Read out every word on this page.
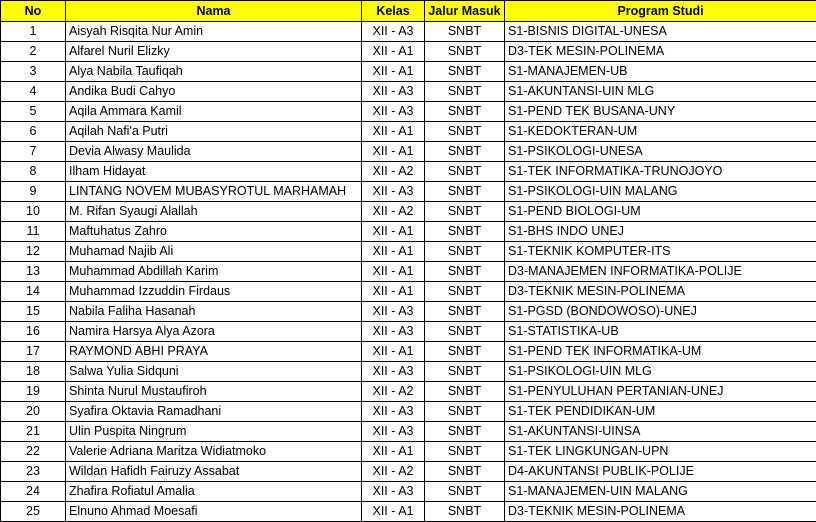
No	Nama	Kelas	Jalur Masuk	Program Studi
1	Aisyah Risqita Nur Amin	XII - A3	SNBT	S1-BISNIS DIGITAL-UNESA
2	Alfarel Nuril Elizky	XII - A1	SNBT	D3-TEK MESIN-POLINEMA
3	Alya Nabila Taufiqah	XII - A1	SNBT	S1-MANAJEMEN-UB
4	Andika Budi Cahyo	XII - A3	SNBT	S1-AKUNTANSI-UIN MLG
5	Aqila Ammara Kamil	XII - A3	SNBT	S1-PEND TEK BUSANA-UNY
6	Aqilah Nafi'a Putri	XII - A1	SNBT	S1-KEDOKTERAN-UM
7	Devia Alwasy Maulida	XII - A1	SNBT	S1-PSIKOLOGI-UNESA
8	Ilham Hidayat	XII - A2	SNBT	S1-TEK INFORMATIKA-TRUNOJOYO
9	LINTANG NOVEM MUBASYROTUL MARHAMAH	XII - A3	SNBT	S1-PSIKOLOGI-UIN MALANG
10	M. Rifan Syaugi Alallah	XII - A2	SNBT	S1-PEND BIOLOGI-UM
11	Maftuhatus Zahro	XII - A1	SNBT	S1-BHS INDO UNEJ
12	Muhamad Najib Ali	XII - A1	SNBT	S1-TEKNIK KOMPUTER-ITS
13	Muhammad Abdillah Karim	XII - A1	SNBT	D3-MANAJEMEN INFORMATIKA-POLIJE
14	Muhammad Izzuddin Firdaus	XII - A1	SNBT	D3-TEKNIK MESIN-POLINEMA
15	Nabila Faliha Hasanah	XII - A3	SNBT	S1-PGSD (BONDOWOSO)-UNEJ
16	Namira Harsya Alya Azora	XII - A3	SNBT	S1-STATISTIKA-UB
17	RAYMOND ABHI PRAYA	XII - A1	SNBT	S1-PEND TEK INFORMATIKA-UM
18	Salwa Yulia Sidquni	XII - A3	SNBT	S1-PSIKOLOGI-UIN MLG
19	Shinta Nurul Mustaufiroh	XII - A2	SNBT	S1-PENYULUHAN PERTANIAN-UNEJ
20	Syafira Oktavia Ramadhani	XII - A3	SNBT	S1-TEK PENDIDIKAN-UM
21	Ulin Puspita Ningrum	XII - A3	SNBT	S1-AKUNTANSI-UINSA
22	Valerie Adriana Maritza Widiatmoko	XII - A1	SNBT	S1-TEK LINGKUNGAN-UPN
23	Wildan Hafidh Fairuzy Assabat	XII - A2	SNBT	D4-AKUNTANSI PUBLIK-POLIJE
24	Zhafira Rofiatul Amalia	XII - A3	SNBT	S1-MANAJEMEN-UIN MALANG
25	Elnuno Ahmad Moesafi	XII - A1	SNBT	D3-TEKNIK MESIN-POLINEMA
